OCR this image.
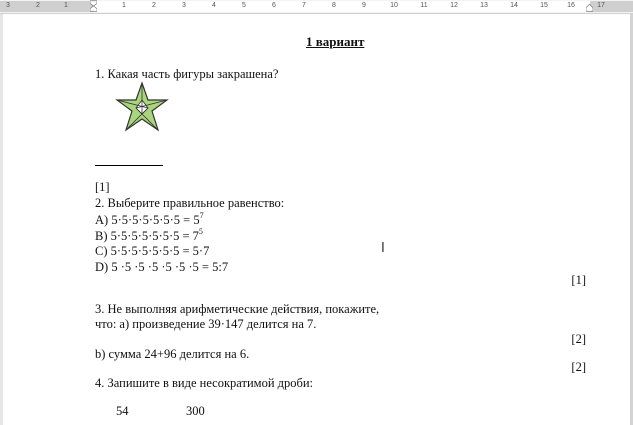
3	2	1	1	2	3	4	5	6	7	8	9	10	11	12	13	14	15	16	17
1 вариант
1. Какая часть фигуры закрашена?
[1]
2. Выберите правильное равенство:
A) $5\cdot 5\cdot 5\cdot 5\cdot 5\cdot 5\cdot 5 = 5^7$
B) $5\cdot 5\cdot 5\cdot 5\cdot 5\cdot 5\cdot 5 = 7^5$
C) 5·5·5·5·5·5·5 = 5·7
D) 5 ·5 ·5 ·5 ·5 ·5 ·5 = 5:7
[1]
3. Не выполняя арифметические действия, покажите,
что: а) произведение 39·147 делится на 7.
[2]
b) сумма 24+96 делится на 6.
[2]
4. Запишите в виде несократимой дроби:
54	300
I
